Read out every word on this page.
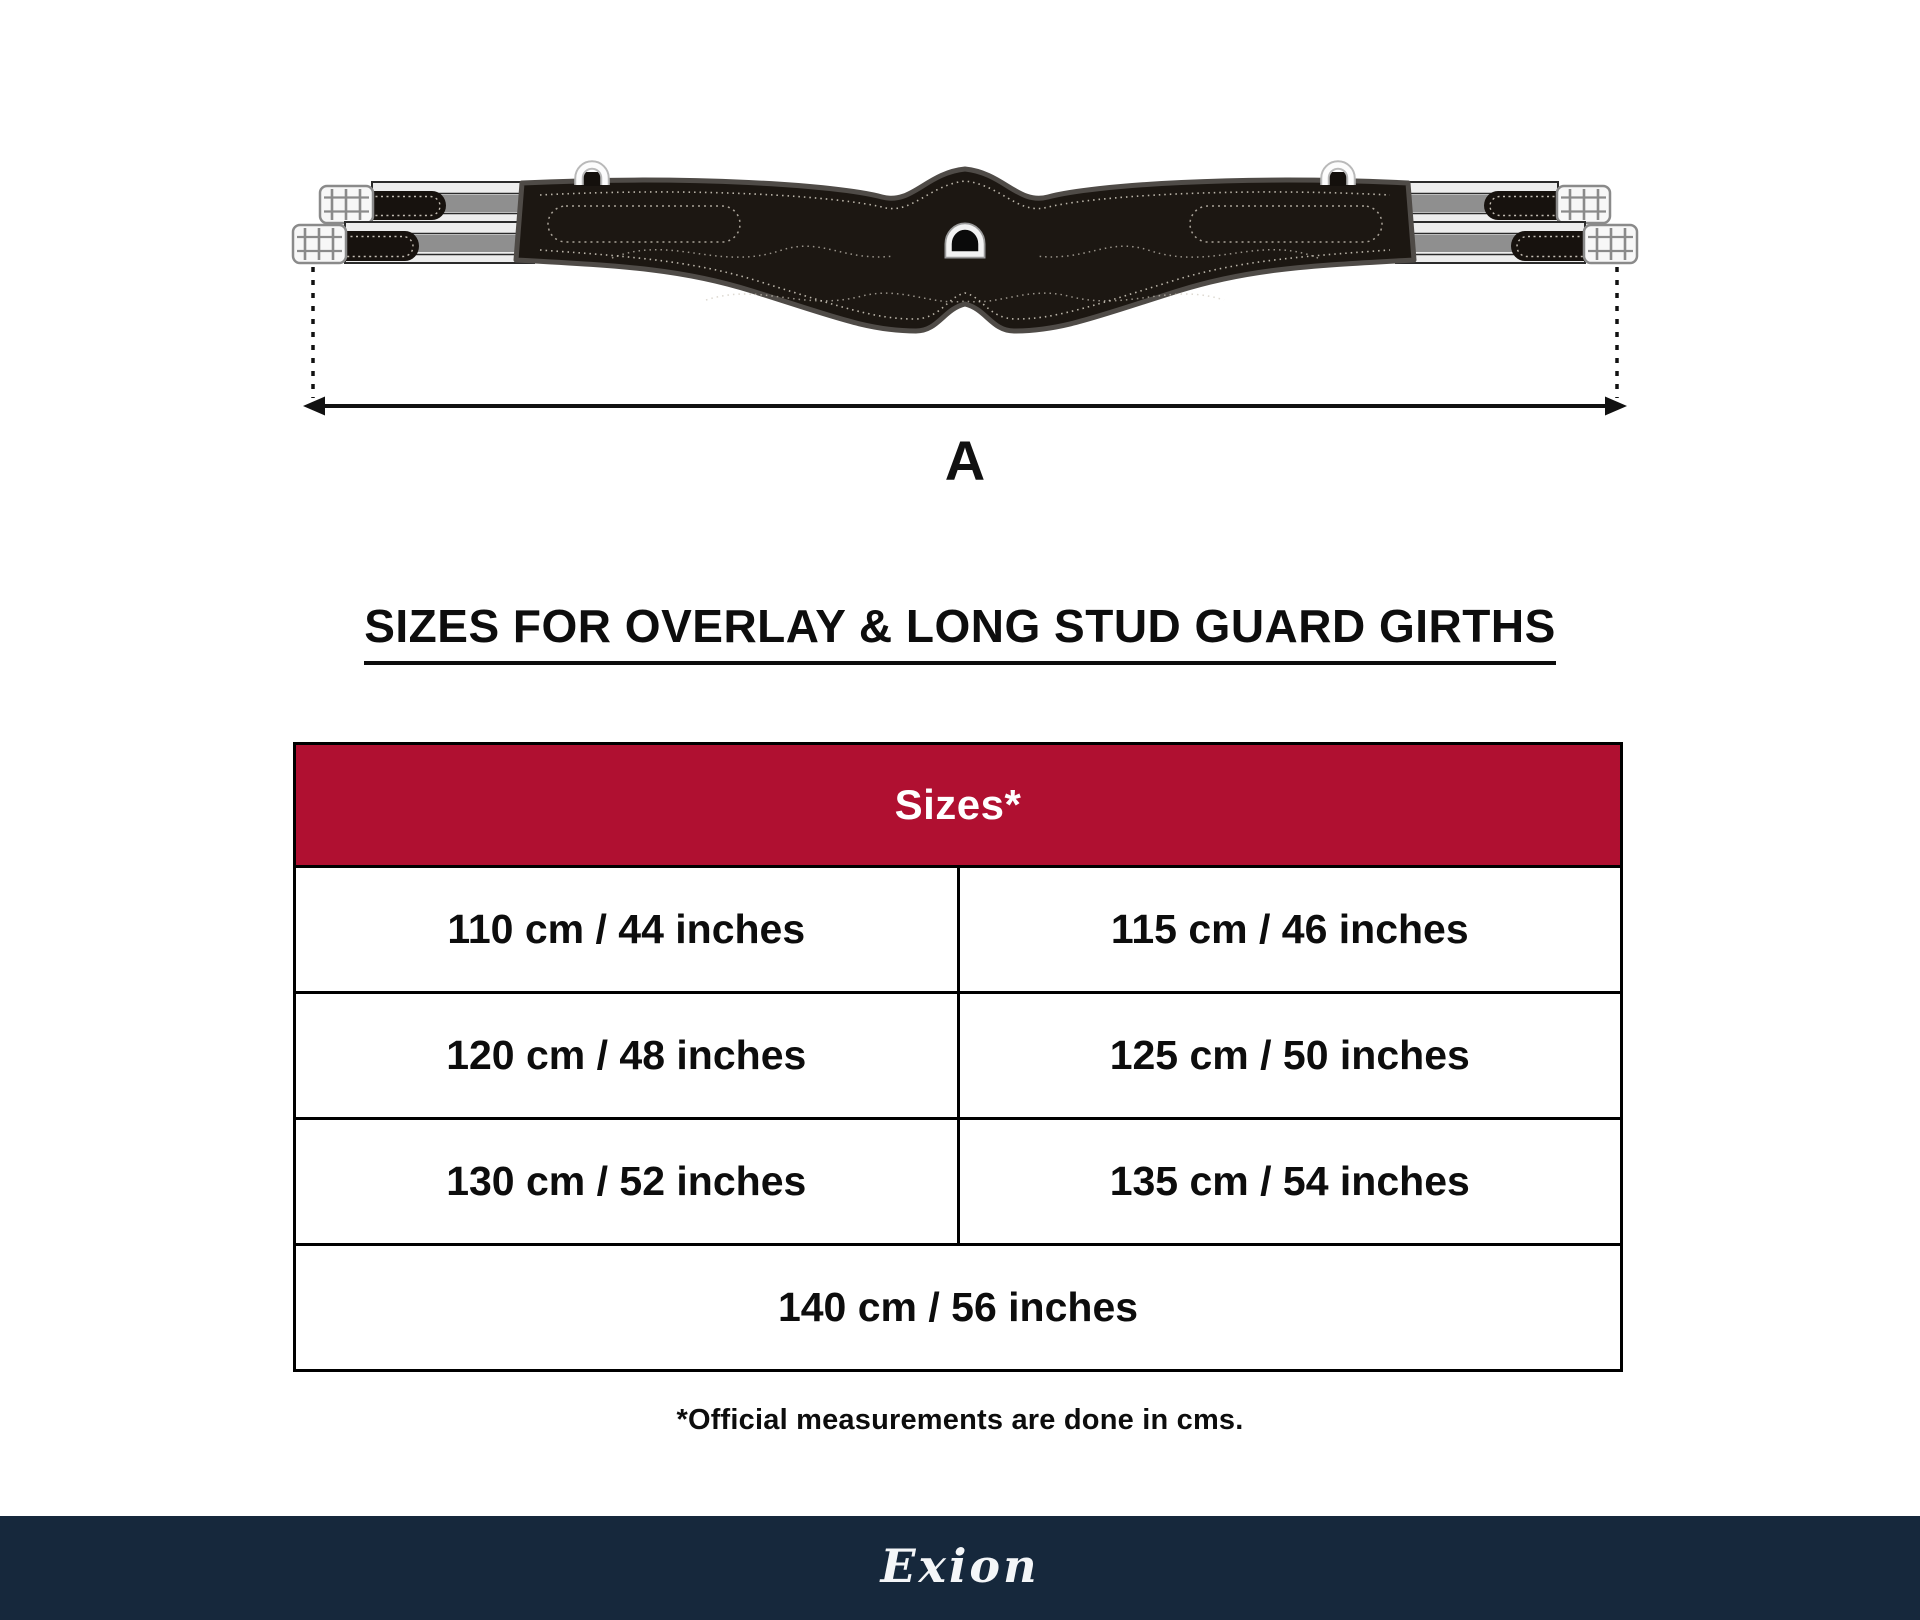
A
SIZES FOR OVERLAY & LONG STUD GUARD GIRTHS
Sizes*	
110 cm / 44 inches	115 cm / 46 inches
120 cm / 48 inches	125 cm / 50 inches
130 cm / 52 inches	135 cm / 54 inches
140 cm / 56 inches	
*Official measurements are done in cms.
Exion
